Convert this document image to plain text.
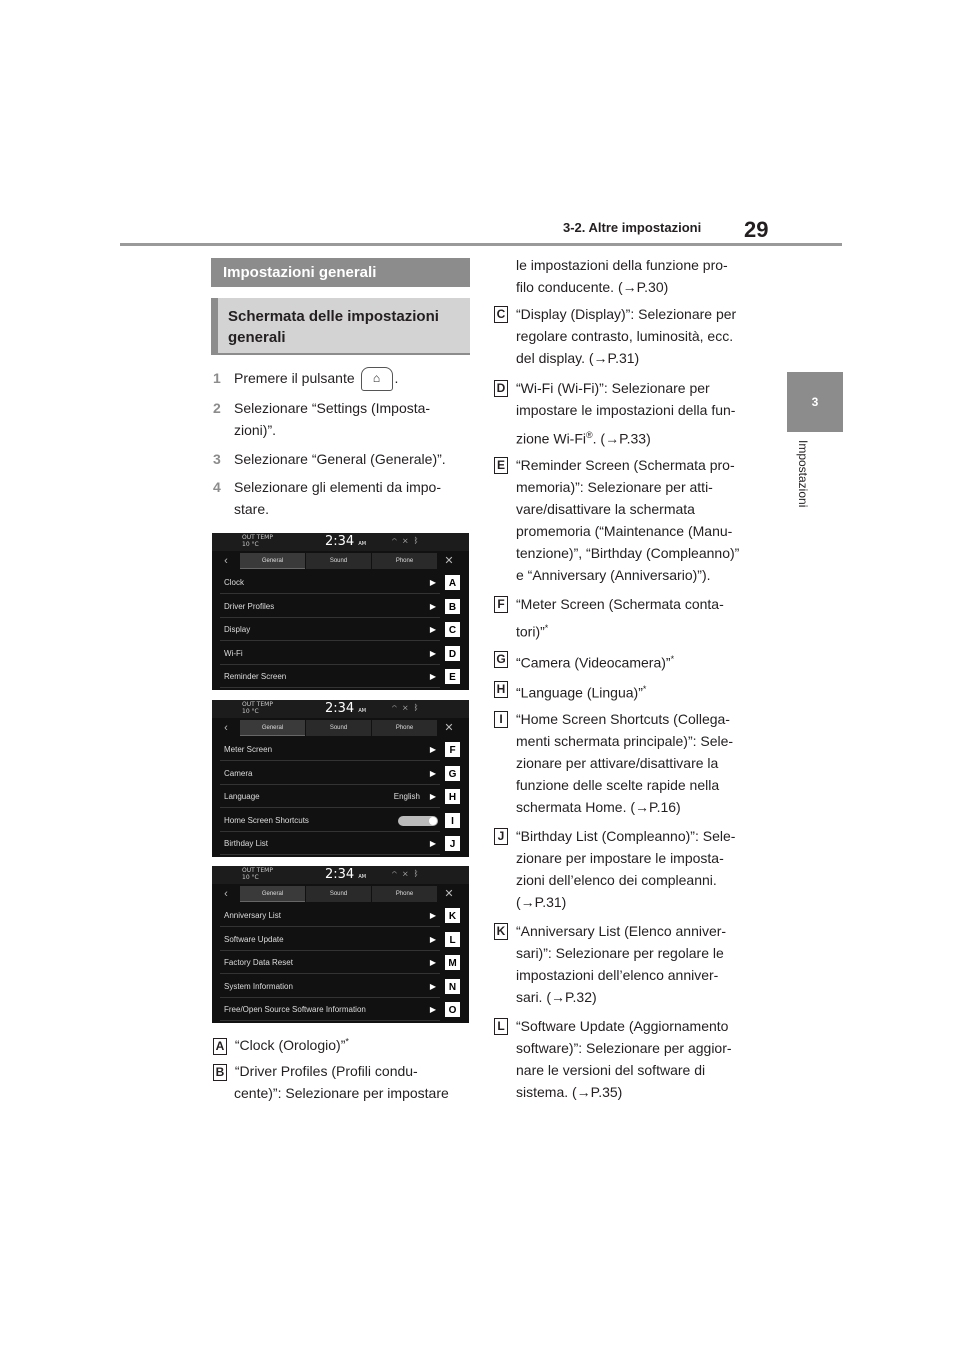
29
3-2. Altre impostazioni
3
Impostazioni
Impostazioni generali
Schermata delle impostazioni generali
1 Premere il pulsante ⌂ .
2 Selezionare “Settings (Imposta-
zioni)”.
3 Selezionare “General (Generale)”.
4 Selezionare gli elementi da impo-
stare.
OUT TEMP
10 °C	2:34 AM	◠✕ᛒ
‹	General	Sound	Phone	✕
Clock	▶	A
Driver Profiles	▶	B
Display	▶	C
Wi-Fi	▶	D
Reminder Screen	▶	E
OUT TEMP
10 °C	2:34 AM	◠✕ᛒ
‹	General	Sound	Phone	✕
Meter Screen	▶	F
Camera	▶	G
Language	English ▶	H
Home Screen Shortcuts	I
Birthday List	▶	J
OUT TEMP
10 °C	2:34 AM	◠✕ᛒ
‹	General	Sound	Phone	✕
Anniversary List	▶	K
Software Update	▶	L
Factory Data Reset	▶	M
System Information	▶	N
Free/Open Source Software Information	▶	O
A “Clock (Orologio)”*
B “Driver Profiles (Profili condu-
cente)”: Selezionare per impostare
le impostazioni della funzione pro-
filo conducente. (→P.30)
C “Display (Display)”: Selezionare per
regolare contrasto, luminosità, ecc.
del display. (→P.31)
D “Wi-Fi (Wi-Fi)”: Selezionare per
impostare le impostazioni della fun-
zione Wi-Fi®. (→P.33)
E “Reminder Screen (Schermata pro-
memoria)”: Selezionare per atti-
vare/disattivare la schermata
promemoria (“Maintenance (Manu-
tenzione)”, “Birthday (Compleanno)”
e “Anniversary (Anniversario)”).
F “Meter Screen (Schermata conta-
tori)”*
G “Camera (Videocamera)”*
H “Language (Lingua)”*
I “Home Screen Shortcuts (Collega-
menti schermata principale)”: Sele-
zionare per attivare/disattivare la
funzione delle scelte rapide nella
schermata Home. (→P.16)
J “Birthday List (Compleanno)”: Sele-
zionare per impostare le imposta-
zioni dell’elenco dei compleanni.
(→P.31)
K “Anniversary List (Elenco anniver-
sari)”: Selezionare per regolare le
impostazioni dell’elenco anniver-
sari. (→P.32)
L “Software Update (Aggiornamento
software)”: Selezionare per aggior-
nare le versioni del software di
sistema. (→P.35)
